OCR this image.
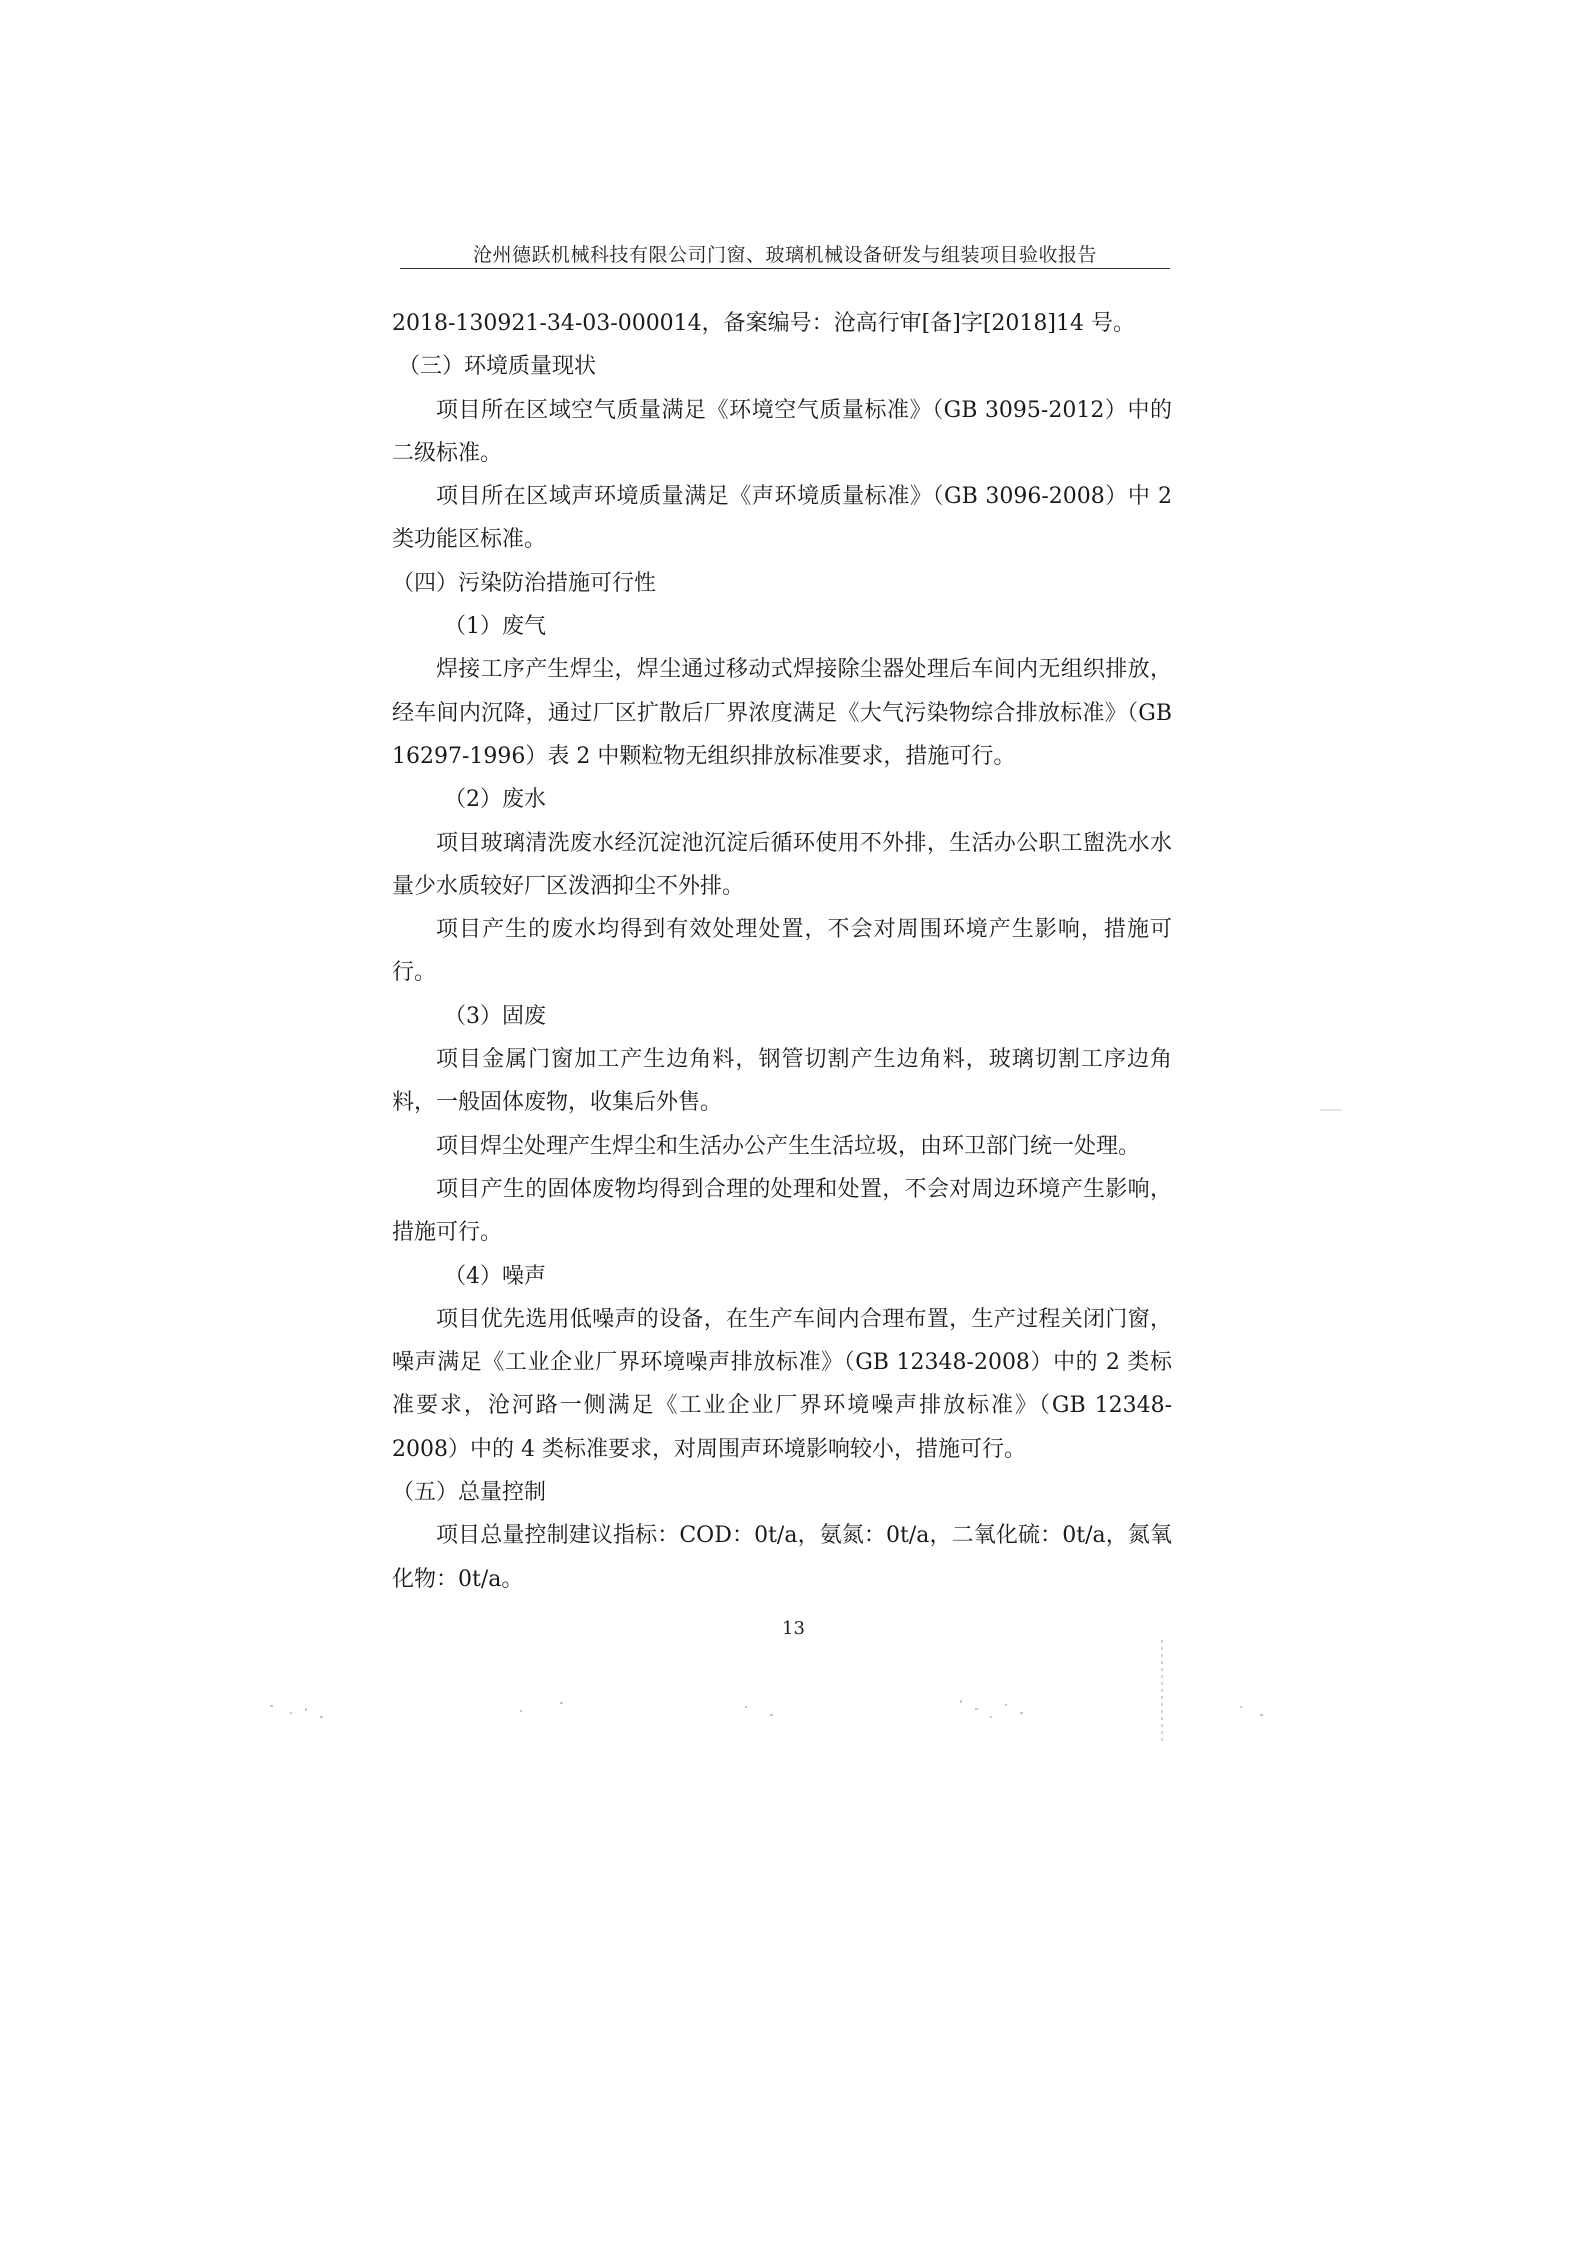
沧州德跃机械科技有限公司门窗、玻璃机械设备研发与组装项目验收报告

2018-130921-34-03-000014，备案编号：沧高行审[备]字[2018]14 号。

（三）环境质量现状

项目所在区域空气质量满足《环境空气质量标准》（GB 3095-2012）中的二级标准。

项目所在区域声环境质量满足《声环境质量标准》（GB 3096-2008）中 2 类功能区标准。

（四）污染防治措施可行性

（1）废气

焊接工序产生焊尘，焊尘通过移动式焊接除尘器处理后车间内无组织排放，经车间内沉降，通过厂区扩散后厂界浓度满足《大气污染物综合排放标准》（GB 16297-1996）表 2 中颗粒物无组织排放标准要求，措施可行。

（2）废水

项目玻璃清洗废水经沉淀池沉淀后循环使用不外排，生活办公职工盥洗水水量少水质较好厂区泼洒抑尘不外排。

项目产生的废水均得到有效处理处置，不会对周围环境产生影响，措施可行。

（3）固废

项目金属门窗加工产生边角料，钢管切割产生边角料，玻璃切割工序边角料，一般固体废物，收集后外售。

项目焊尘处理产生焊尘和生活办公产生生活垃圾，由环卫部门统一处理。

项目产生的固体废物均得到合理的处理和处置，不会对周边环境产生影响，措施可行。

（4）噪声

项目优先选用低噪声的设备，在生产车间内合理布置，生产过程关闭门窗，噪声满足《工业企业厂界环境噪声排放标准》（GB 12348-2008）中的 2 类标准要求，沧河路一侧满足《工业企业厂界环境噪声排放标准》（GB 12348-2008）中的 4 类标准要求，对周围声环境影响较小，措施可行。

（五）总量控制

项目总量控制建议指标：COD：0t/a，氨氮：0t/a，二氧化硫：0t/a，氮氧化物：0t/a。

13
